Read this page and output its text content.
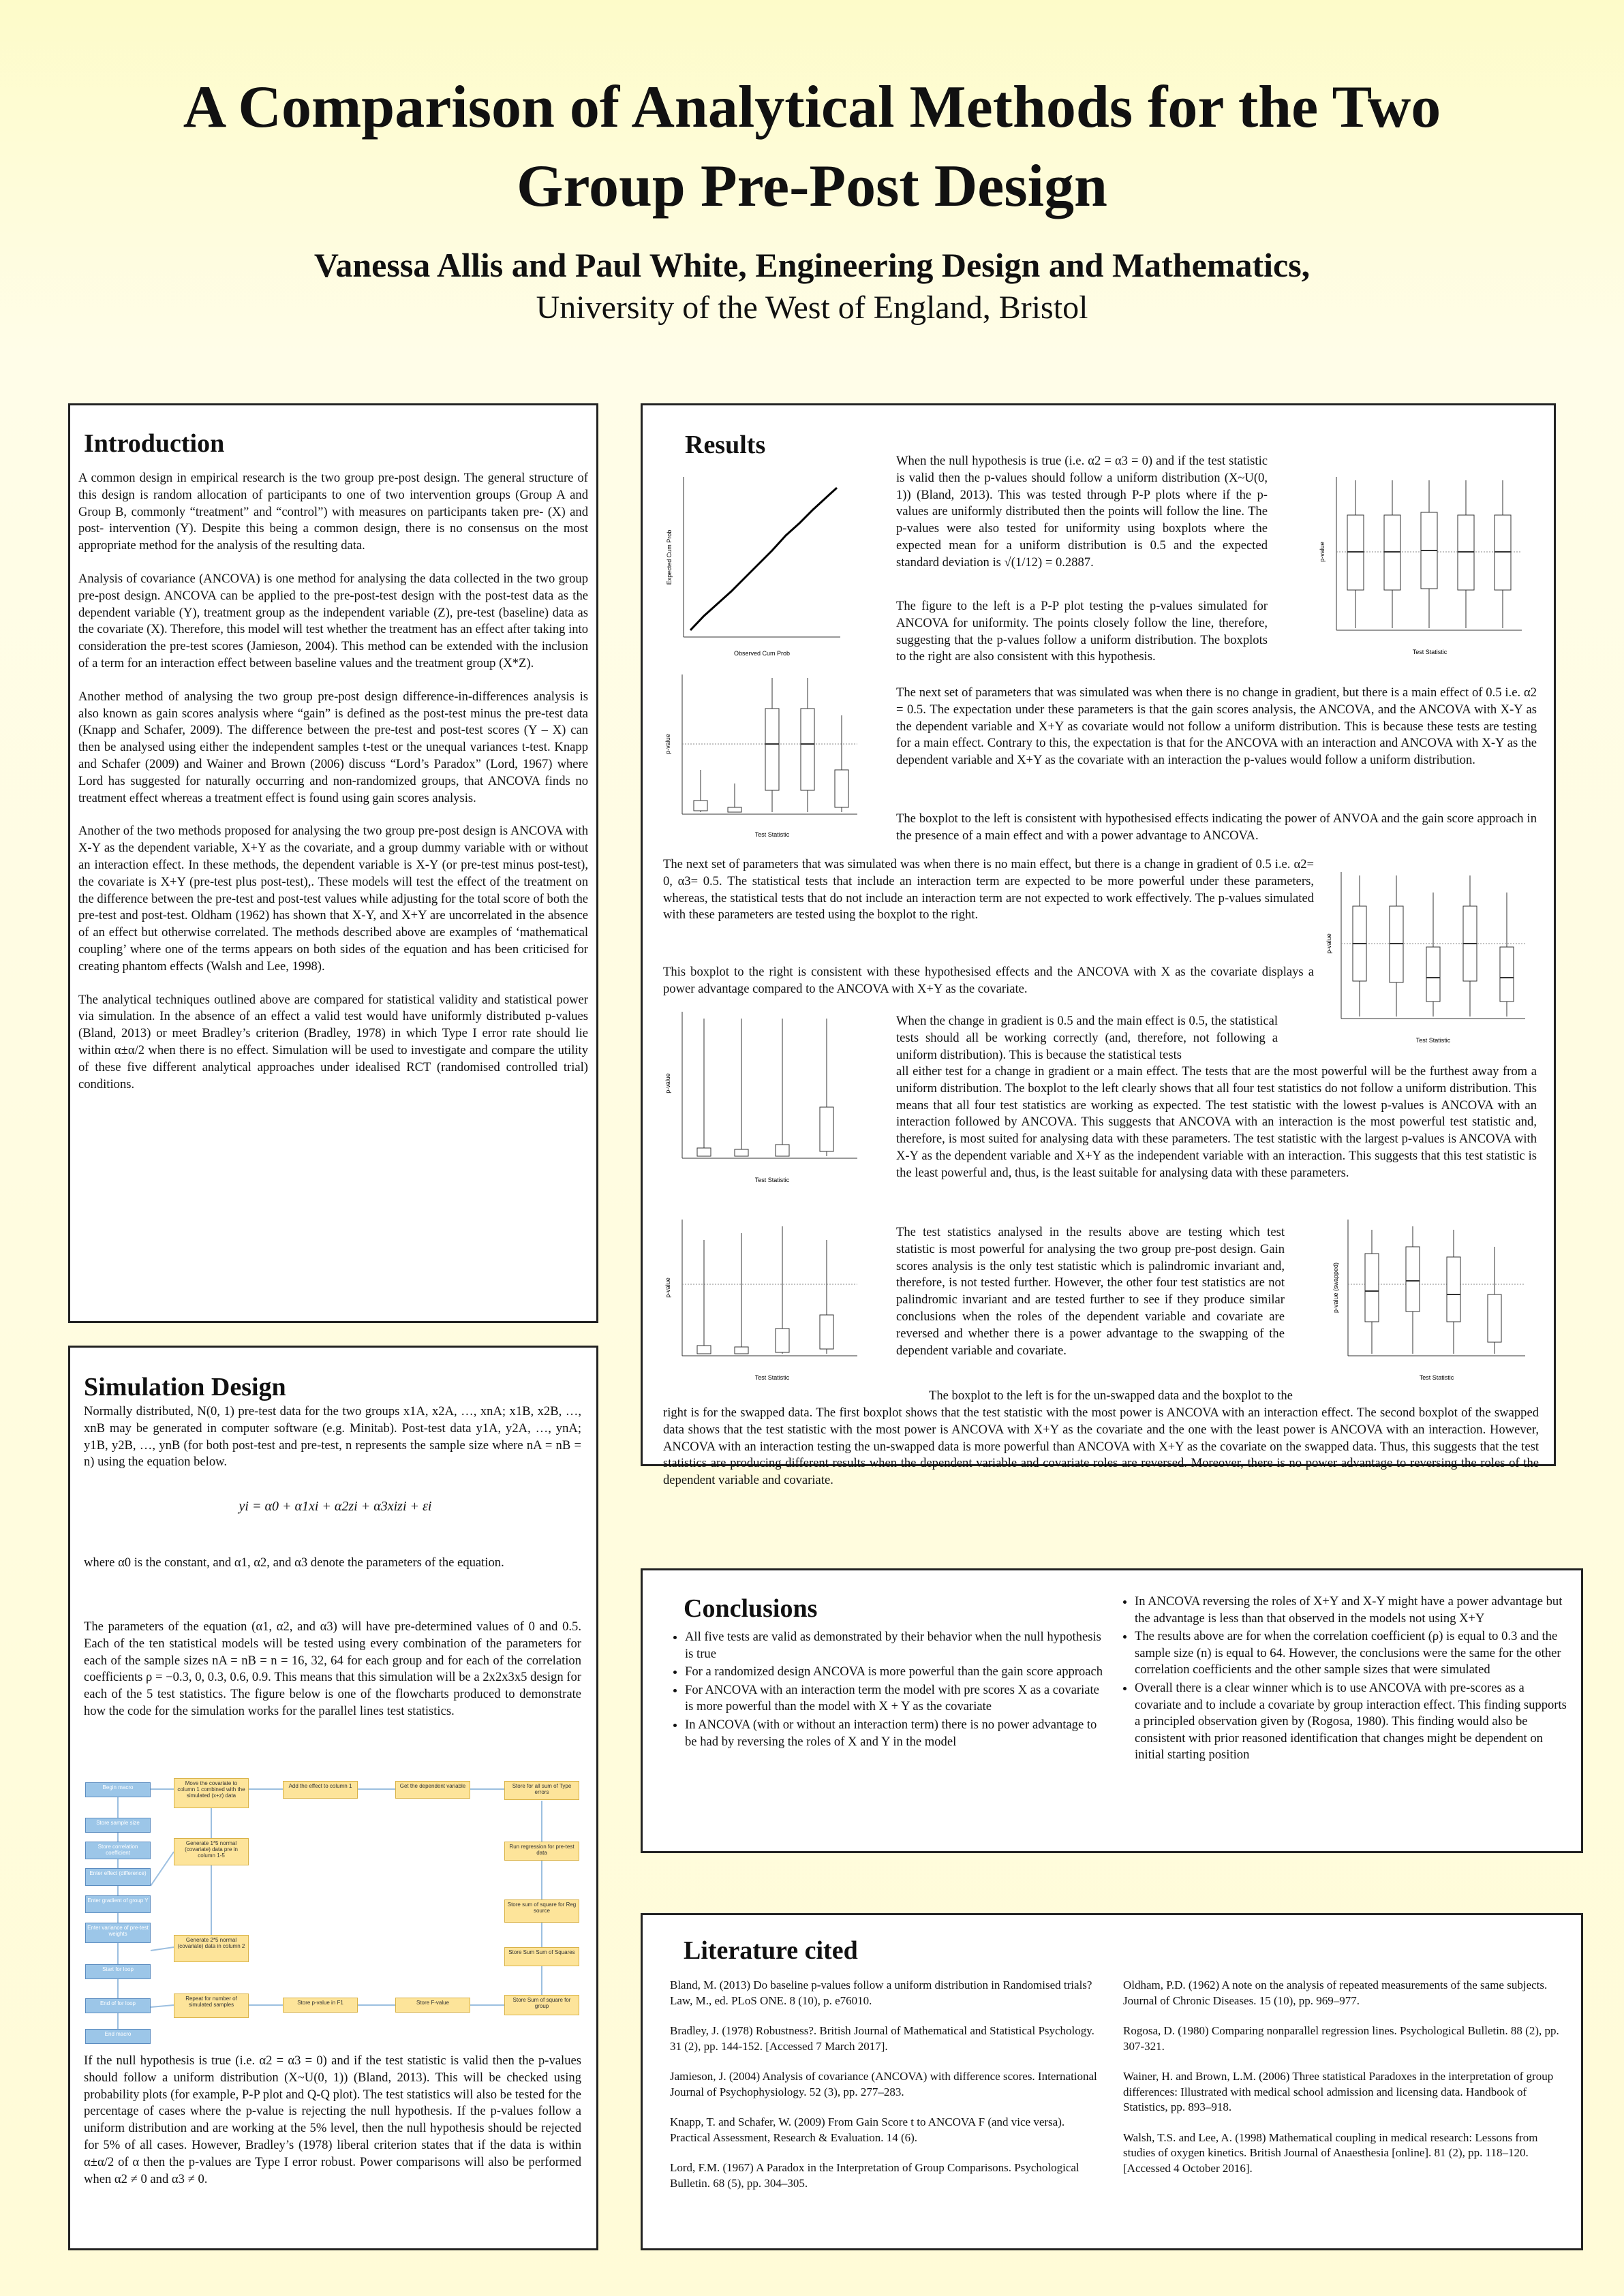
A Comparison of Analytical Methods for the Two
Group Pre-Post Design
Vanessa Allis and Paul White, Engineering Design and Mathematics,
University of the West of England, Bristol
Introduction

A common design in empirical research is the two group pre-post design. The general structure of this design is random allocation of participants to one of two intervention groups (Group A and Group B, commonly “treatment” and “control”) with measures on participants taken pre- (X) and post- intervention (Y). Despite this being a common design, there is no consensus on the most appropriate method for the analysis of the resulting data.

Analysis of covariance (ANCOVA) is one method for analysing the data collected in the two group pre-post design. ANCOVA can be applied to the pre-post-test design with the post-test data as the dependent variable (Y), treatment group as the independent variable (Z), pre-test (baseline) data as the covariate (X). Therefore, this model will test whether the treatment has an effect after taking into consideration the pre-test scores (Jamieson, 2004). This method can be extended with the inclusion of a term for an interaction effect between baseline values and the treatment group (X*Z).

Another method of analysing the two group pre-post design difference-in-differences analysis is also known as gain scores analysis where “gain” is defined as the post-test minus the pre-test data (Knapp and Schafer, 2009). The difference between the pre-test and post-test scores (Y – X) can then be analysed using either the independent samples t-test or the unequal variances t-test. Knapp and Schafer (2009) and Wainer and Brown (2006) discuss “Lord’s Paradox” (Lord, 1967) where Lord has suggested for naturally occurring and non-randomized groups, that ANCOVA finds no treatment effect whereas a treatment effect is found using gain scores analysis.

Another of the two methods proposed for analysing the two group pre-post design is ANCOVA with X-Y as the dependent variable, X+Y as the covariate, and a group dummy variable with or without an interaction effect. In these methods, the dependent variable is X-Y (or pre-test minus post-test), the covariate is X+Y (pre-test plus post-test),. These models will test the effect of the treatment on the difference between the pre-test and post-test values while adjusting for the total score of both the pre-test and post-test. Oldham (1962) has shown that X-Y, and X+Y are uncorrelated in the absence of an effect but otherwise correlated. The methods described above are examples of ‘mathematical coupling’ where one of the terms appears on both sides of the equation and has been criticised for creating phantom effects (Walsh and Lee, 1998).

The analytical techniques outlined above are compared for statistical validity and statistical power via simulation. In the absence of an effect a valid test would have uniformly distributed p-values (Bland, 2013) or meet Bradley’s criterion (Bradley, 1978) in which Type I error rate should lie within α±α/2 when there is no effect. Simulation will be used to investigate and compare the utility of these five different analytical approaches under idealised RCT (randomised controlled trial) conditions.

Simulation Design
Normally distributed, N(0, 1) pre-test data for the two groups x1A, x2A, …, xnA; x1B, x2B, …, xnB may be generated in computer software (e.g. Minitab). Post-test data y1A, y2A, …, ynA; y1B, y2B, …, ynB (for both post-test and pre-test, n represents the sample size where nA = nB = n) using the equation below.
yi = α0 + α1xi + α2zi + α3xizi + εi
where α0 is the constant, and α1, α2, and α3 denote the parameters of the equation.
The parameters of the equation (α1, α2, and α3) will have pre-determined values of 0 and 0.5. Each of the ten statistical models will be tested using every combination of the parameters for each of the sample sizes nA = nB = n = 16, 32, 64 for each group and for each of the correlation coefficients ρ = −0.3, 0, 0.3, 0.6, 0.9. This means that this simulation will be a 2x2x3x5 design for each of the 5 test statistics. The figure below is one of the flowcharts produced to demonstrate how the code for the simulation works for the parallel lines test statistics.
Begin macro
Store sample size
Store correlation coefficient
Enter effect (difference)
Enter gradient of group Y
Enter variance of pre-test weights
Start for loop
End of for loop
End macro
Move the covariate to column 1 combined with the simulated (x+z) data
Generate 1*5 normal (covariate) data pre in column 1-5
Generate 2*5 normal (covariate) data in column 2
Add the effect to column 1	Get the dependent variable	Store for all sum of Type errors
Run regression for pre-test data
Store sum of square for Reg source
Store Sum Sum of Squares
Store Sum of square for group
Repeat for number of simulated samples	Store p-value in F1	Store F-value
If the null hypothesis is true (i.e. α2 = α3 = 0) and if the test statistic is valid then the p-values should follow a uniform distribution (X~U(0, 1)) (Bland, 2013). This will be checked using probability plots (for example, P-P plot and Q-Q plot). The test statistics will also be tested for the percentage of cases where the p-value is rejecting the null hypothesis. If the p-values follow a uniform distribution and are working at the 5% level, then the null hypothesis should be rejected for 5% of all cases. However, Bradley’s (1978) liberal criterion states that if the data is within α±α/2 of α then the p-values are Type I error robust. Power comparisons will also be performed when α2 ≠ 0 and α3 ≠ 0.
Results
Observed Cum Prob
Expected Cum Prob
When the null hypothesis is true (i.e. α2 = α3 = 0) and if the test statistic is valid then the p-values should follow a uniform distribution (X~U(0, 1)) (Bland, 2013). This was tested through P-P plots where if the p-values are uniformly distributed then the points will follow the line. The p-values were also tested for uniformity using boxplots where the expected mean for a uniform distribution is 0.5 and the expected standard deviation is √(1/12) = 0.2887.
The figure to the left is a P-P plot testing the p-values simulated for ANCOVA for uniformity. The points closely follow the line, therefore, suggesting that the p-values follow a uniform distribution. The boxplots to the right are also consistent with this hypothesis.	Test Statistic
p-value
Test Statistic
p-value
The next set of parameters that was simulated was when there is no change in gradient, but there is a main effect of 0.5 i.e. α2 = 0.5. The expectation under these parameters is that the gain scores analysis, the ANCOVA, and the ANCOVA with X-Y as the dependent variable and X+Y as covariate would not follow a uniform distribution. This is because these tests are testing for a main effect. Contrary to this, the expectation is that for the ANCOVA with an interaction and ANCOVA with X-Y as the dependent variable and X+Y as the covariate with an interaction the p-values would follow a uniform distribution.
The boxplot to the left is consistent with hypothesised effects indicating the power of ANVOA and the gain score approach in the presence of a main effect and with a power advantage to ANCOVA.
The next set of parameters that was simulated was when there is no main effect, but there is a change in gradient of 0.5 i.e. α2= 0, α3= 0.5. The statistical tests that include an interaction term are expected to be more powerful under these parameters, whereas, the statistical tests that do not include an interaction term are not expected to work effectively. The p-values simulated with these parameters are tested using the boxplot to the right.
This boxplot to the right is consistent with these hypothesised effects and the ANCOVA with X as the covariate displays a power advantage compared to the ANCOVA with X+Y as the covariate.
Test Statistic
p-value
Test Statistic
p-value
When the change in gradient is 0.5 and the main effect is 0.5, the statistical tests should all be working correctly (and, therefore, not following a uniform distribution). This is because the statistical tests
all either test for a change in gradient or a main effect. The tests that are the most powerful will be the furthest away from a uniform distribution. The boxplot to the left clearly shows that all four test statistics do not follow a uniform distribution. This means that all four test statistics are working as expected. The test statistic with the lowest p-values is ANCOVA with an interaction followed by ANCOVA. This suggests that ANCOVA with an interaction is the most powerful test statistic and, therefore, is most suited for analysing data with these parameters. The test statistic with the largest p-values is ANCOVA with X-Y as the dependent variable and X+Y as the independent variable with an interaction. This suggests that this test statistic is the least powerful and, thus, is the least suitable for analysing data with these parameters.
Test Statistic
p-value
The test statistics analysed in the results above are testing which test statistic is most powerful for analysing the two group pre-post design. Gain scores analysis is the only test statistic which is palindromic invariant and, therefore, is not tested further. However, the other four test statistics are not palindromic invariant and are tested further to see if they produce similar conclusions when the roles of the dependent variable and covariate are reversed and whether there is a power advantage to the swapping of the dependent variable and covariate.
Test Statistic
p-value (swapped)
The boxplot to the left is for the un-swapped data and the boxplot to the
right is for the swapped data. The first boxplot shows that the test statistic with the most power is ANCOVA with an interaction effect. The second boxplot of the swapped data shows that the test statistic with the most power is ANCOVA with X+Y as the covariate and the one with the least power is ANCOVA with an interaction. However, ANCOVA with an interaction testing the un-swapped data is more powerful than ANCOVA with X+Y as the covariate on the swapped data. Thus, this suggests that the test statistics are producing different results when the dependent variable and covariate roles are reversed. Moreover, there is no power advantage to reversing the roles of the dependent variable and covariate.
Conclusions
• All five tests are valid as demonstrated by their behavior when the null hypothesis is true
• For a randomized design ANCOVA is more powerful than the gain score approach
• For ANCOVA with an interaction term the model with pre scores X as a covariate is more powerful than the model with X + Y as the covariate
• In ANCOVA (with or without an interaction term) there is no power advantage to be had by reversing the roles of X and Y in the model
• In ANCOVA reversing the roles of X+Y and X-Y might have a power advantage but the advantage is less than that observed in the models not using X+Y
• The results above are for when the correlation coefficient (ρ) is equal to 0.3 and the sample size (n) is equal to 64. However, the conclusions were the same for the other correlation coefficients and the other sample sizes that were simulated
• Overall there is a clear winner which is to use ANCOVA with pre-scores as a covariate and to include a covariate by group interaction effect. This finding supports a principled observation given by (Rogosa, 1980). This finding would also be consistent with prior reasoned identification that changes might be dependent on initial starting position
Literature cited

Bland, M. (2013) Do baseline p-values follow a uniform distribution in Randomised trials? Law, M., ed. PLoS ONE. 8 (10), p. e76010.

Bradley, J. (1978) Robustness?. British Journal of Mathematical and Statistical Psychology. 31 (2), pp. 144-152. [Accessed 7 March 2017].

Jamieson, J. (2004) Analysis of covariance (ANCOVA) with difference scores. International Journal of Psychophysiology. 52 (3), pp. 277–283.

Knapp, T. and Schafer, W. (2009) From Gain Score t to ANCOVA F (and vice versa). Practical Assessment, Research & Evaluation. 14 (6).

Lord, F.M. (1967) A Paradox in the Interpretation of Group Comparisons. Psychological Bulletin. 68 (5), pp. 304–305.

Oldham, P.D. (1962) A note on the analysis of repeated measurements of the same subjects. Journal of Chronic Diseases. 15 (10), pp. 969–977.

Rogosa, D. (1980) Comparing nonparallel regression lines. Psychological Bulletin. 88 (2), pp. 307-321.

Wainer, H. and Brown, L.M. (2006) Three statistical Paradoxes in the interpretation of group differences: Illustrated with medical school admission and licensing data. Handbook of Statistics, pp. 893–918.

Walsh, T.S. and Lee, A. (1998) Mathematical coupling in medical research: Lessons from studies of oxygen kinetics. British Journal of Anaesthesia [online]. 81 (2), pp. 118–120. [Accessed 4 October 2016].
